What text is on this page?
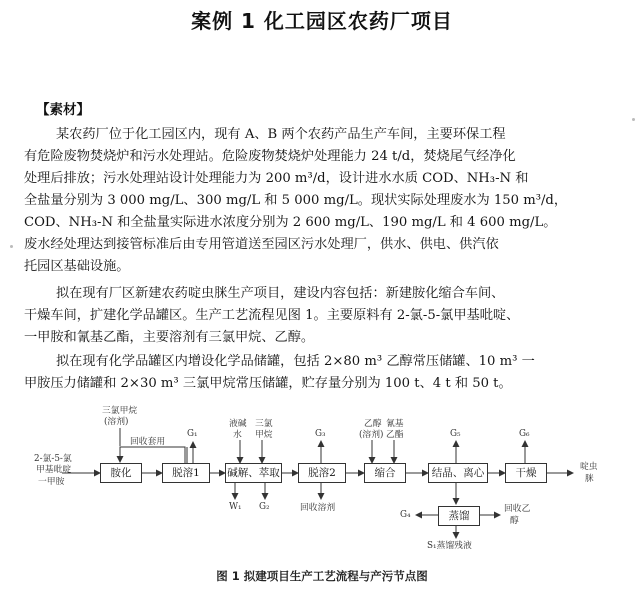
案例 1 化工园区农药厂项目
【素材】
某农药厂位于化工园区内，现有 A、B 两个农药产品生产车间，主要环保工程
有危险废物焚烧炉和污水处理站。危险废物焚烧炉处理能力 24 t/d，焚烧尾气经净化
处理后排放；污水处理站设计处理能力为 200 m³/d，设计进水水质 COD、NH₃-N 和
全盐量分别为 3 000 mg/L、300 mg/L 和 5 000 mg/L。现状实际处理废水为 150 m³/d，
COD、NH₃-N 和全盐量实际进水浓度分别为 2 600 mg/L、190 mg/L 和 4 600 mg/L。
废水经处理达到接管标准后由专用管道送至园区污水处理厂，供水、供电、供汽依
托园区基础设施。
拟在现有厂区新建农药啶虫脒生产项目，建设内容包括：新建胺化缩合车间、
干燥车间，扩建化学品罐区。生产工艺流程见图 1。主要原料有 2-氯-5-氯甲基吡啶、
一甲胺和氰基乙酯，主要溶剂有三氯甲烷、乙醇。
拟在现有化学品罐区内增设化学品储罐，包括 2×80 m³ 乙醇常压储罐、10 m³ 一
甲胺压力储罐和 2×30 m³ 三氯甲烷常压储罐，贮存量分别为 100 t、4 t 和 50 t。
2-氯-5-氯
甲基吡啶
一甲胺
三氯甲烷
(溶剂)
回收套用
液碱
水
三氯
甲烷
乙醇
(溶剂)
氰基
乙酯
G₁	G₃	G₅	G₆
W₁ G₂	回收溶剂
G₄
回收乙
醇
S₁蒸馏残液
啶虫
脒
胺化	脱溶1	碱解、萃取	脱溶2	缩合	结晶、离心	干燥
蒸馏
图 1 拟建项目生产工艺流程与产污节点图
